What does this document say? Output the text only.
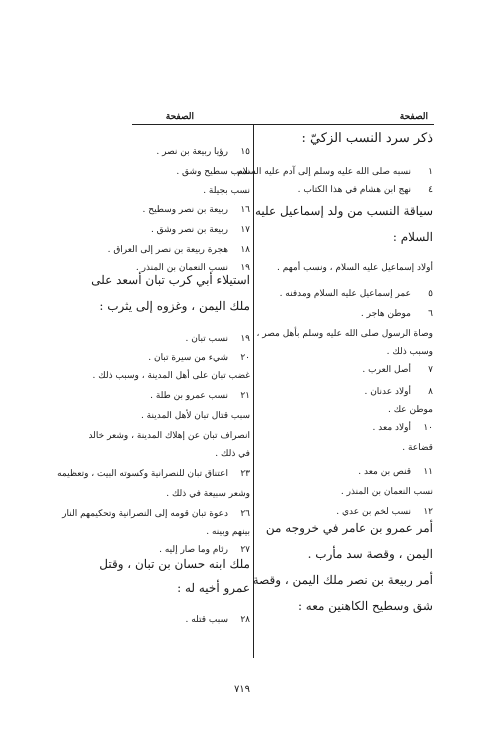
الصفحة
الصفحة
ذكر سرد النسب الزكيّ :
١نسبه صلى الله عليه وسلم إلى آدم عليه السلام .
٤نهج ابن هشام في هذا الكتاب .
سياقة النسب من ولد إسماعيل عليه
السلام :
أولاد إسماعيل عليه السلام ، ونسب أمهم .
٥عمر إسماعيل عليه السلام ومدفنه .
٦موطن هاجر .
وصاة الرسول صلى الله عليه وسلم بأهل مصر ،
وسبب ذلك .
٧أصل العرب .
٨أولاد عدنان .
موطن عك .
١٠أولاد معد .
قضاعة .
١١قنص بن معد .
نسب النعمان بن المنذر .
١٢نسب لخم بن عدي .
أمر عمرو بن عامر في خروجه من
اليمن ، وقصة سد مأرب .
أمر ربيعة بن نصر ملك اليمن ، وقصة
شق وسطيح الكاهنين معه :
١٥رؤيا ربيعة بن نصر .
نسب سطيح وشق .
نسب بجيلة .
١٦ربيعة بن نصر وسطيح .
١٧ربيعة بن نصر وشق .
١٨هجرة ربيعة بن نصر إلى العراق .
١٩نسب النعمان بن المنذر .
استيلاء أبي كرب تبان أسعد على
ملك اليمن ، وغزوه إلى يثرب :
١٩نسب تبان .
٢٠شيء من سيرة تبان .
غضب تبان على أهل المدينة ، وسبب ذلك .
٢١نسب عمرو بن طلة .
سبب قتال تبان لأهل المدينة .
انصراف تبان عن إهلاك المدينة ، وشعر خالد
في ذلك .
٢٣اعتناق تبان للنصرانية وكسوته البيت ، وتعظيمه
وشعر سبيعة في ذلك .
٢٦دعوة تبان قومه إلى النصرانية وتحكيمهم النار
بينهم وبينه .
٢٧رئام وما صار إليه .
ملك ابنه حسان بن تبان ، وقتل
عمرو أخيه له :
٢٨سبب قتله .
٧١٩
